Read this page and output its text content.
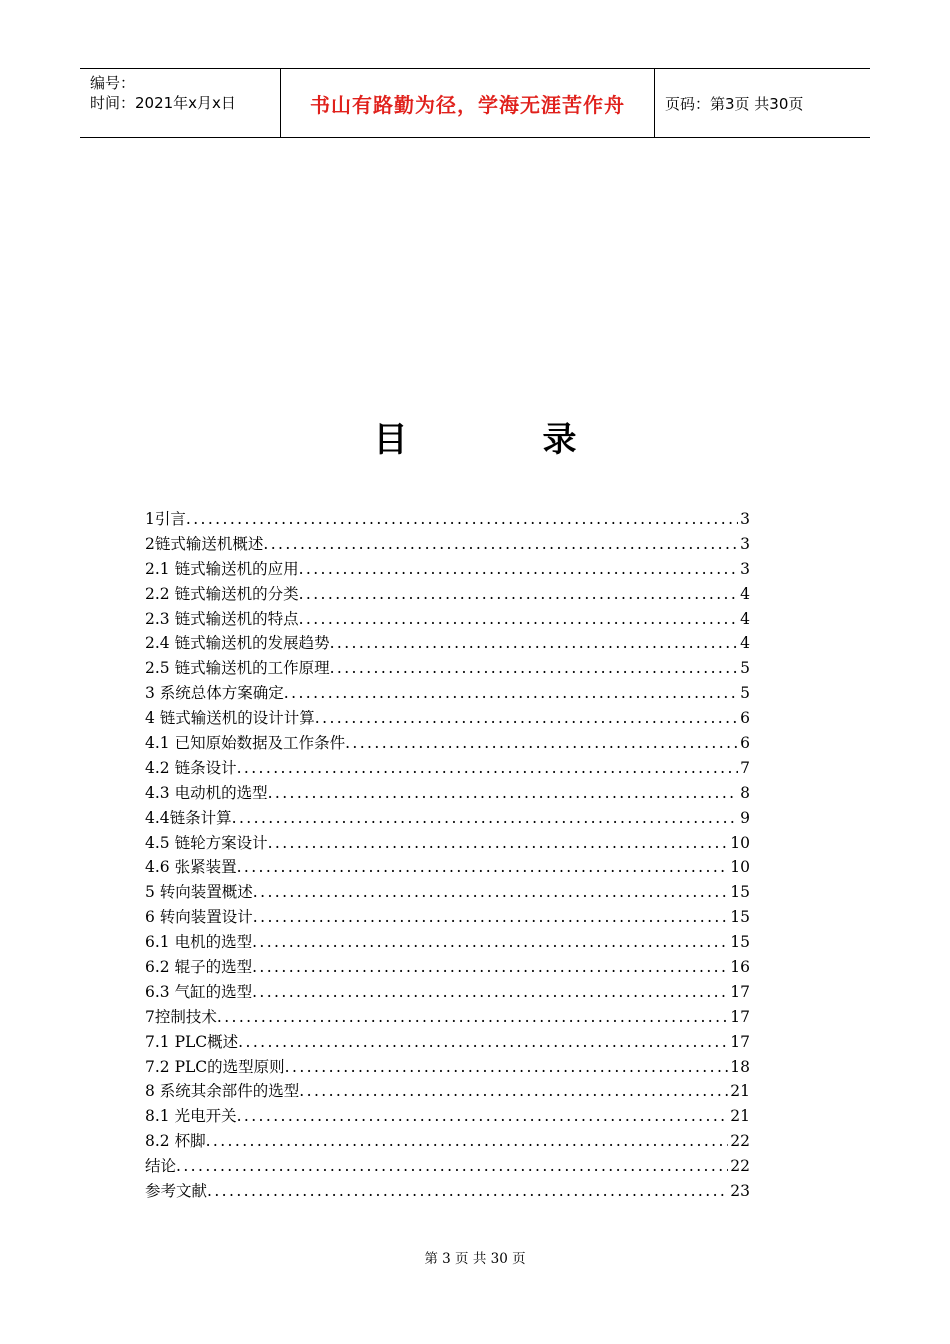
编号：
时间：2021年x月x日	书山有路勤为径，学海无涯苦作舟	页码：第3页 共30页
目	录
1引言 .....	3
2链式输送机概述 .....	3
2.1 链式输送机的应用 .....	3
2.2 链式输送机的分类 .....	4
2.3 链式输送机的特点 .....	4
2.4 链式输送机的发展趋势 .....	4
2.5 链式输送机的工作原理 .....	5
3 系统总体方案确定 .....	5
4 链式输送机的设计计算 .....	6
4.1 已知原始数据及工作条件 .....	6
4.2 链条设计 .....	7
4.3 电动机的选型 .....	8
4.4链条计算 .....	9
4.5 链轮方案设计 .....	10
4.6 张紧装置 .....	10
5 转向装置概述 .....	15
6 转向装置设计 .....	15
6.1 电机的选型 .....	15
6.2 辊子的选型 .....	16
6.3 气缸的选型 .....	17
7控制技术 .....	17
7.1 PLC概述 .....	17
7.2 PLC的选型原则 .....	18
8 系统其余部件的选型 .....	21
8.1 光电开关 .....	21
8.2 杯脚 .....	22
结论 .....	22
参考文献 .....	23
第 3 页 共 30 页
